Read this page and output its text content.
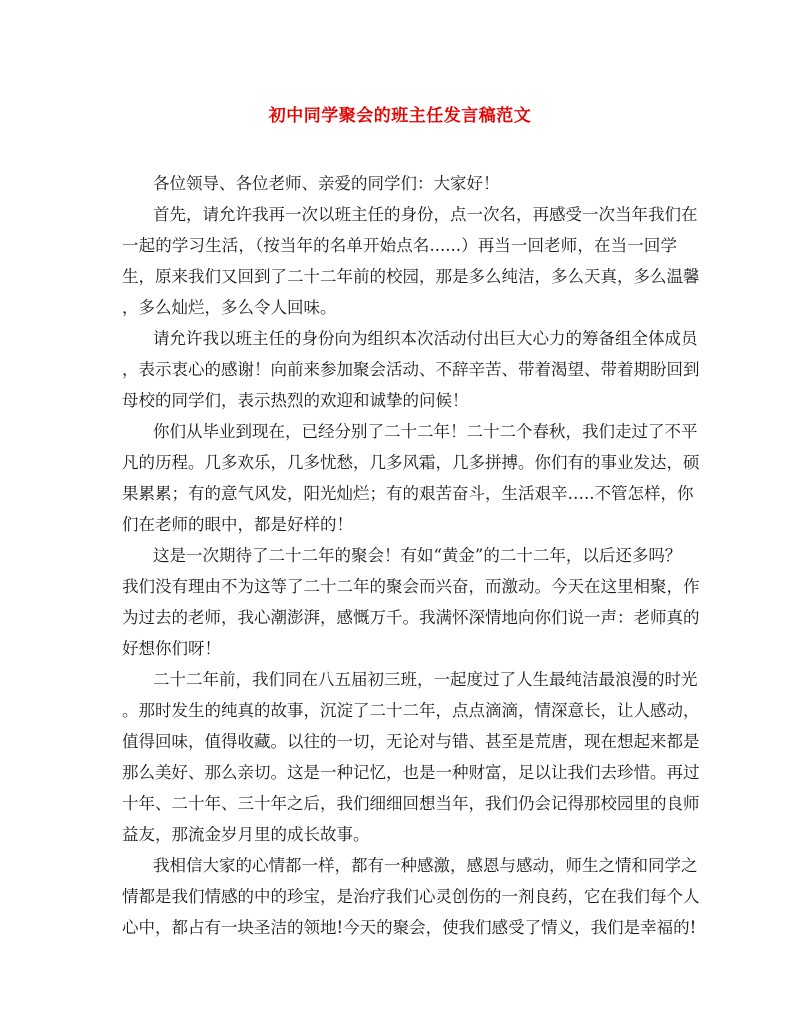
初中同学聚会的班主任发言稿范文
各位领导、各位老师、亲爱的同学们：大家好！
首先，请允许我再一次以班主任的身份，点一次名，再感受一次当年我们在
一起的学习生活，（按当年的名单开始点名......）再当一回老师，在当一回学
生，原来我们又回到了二十二年前的校园，那是多么纯洁，多么天真，多么温馨
，多么灿烂，多么令人回味。
请允许我以班主任的身份向为组织本次活动付出巨大心力的筹备组全体成员
，表示衷心的感谢！向前来参加聚会活动、不辞辛苦、带着渴望、带着期盼回到
母校的同学们，表示热烈的欢迎和诚挚的问候！
你们从毕业到现在，已经分别了二十二年！二十二个春秋，我们走过了不平
凡的历程。几多欢乐，几多忧愁，几多风霜，几多拼搏。你们有的事业发达，硕
果累累；有的意气风发，阳光灿烂；有的艰苦奋斗，生活艰辛…..不管怎样，你
们在老师的眼中，都是好样的！
这是一次期待了二十二年的聚会！有如“黄金”的二十二年，以后还多吗？
我们没有理由不为这等了二十二年的聚会而兴奋，而激动。今天在这里相聚，作
为过去的老师，我心潮澎湃，感慨万千。我满怀深情地向你们说一声：老师真的
好想你们呀！
二十二年前，我们同在八五届初三班，一起度过了人生最纯洁最浪漫的时光
。那时发生的纯真的故事，沉淀了二十二年，点点滴滴，情深意长，让人感动，
值得回味，值得收藏。以往的一切，无论对与错、甚至是荒唐，现在想起来都是
那么美好、那么亲切。这是一种记忆，也是一种财富，足以让我们去珍惜。再过
十年、二十年、三十年之后，我们细细回想当年，我们仍会记得那校园里的良师
益友，那流金岁月里的成长故事。
我相信大家的心情都一样，都有一种感激，感恩与感动，师生之情和同学之
情都是我们情感的中的珍宝，是治疗我们心灵创伤的一剂良药，它在我们每个人
心中，都占有一块圣洁的领地!今天的聚会，使我们感受了情义，我们是幸福的!
